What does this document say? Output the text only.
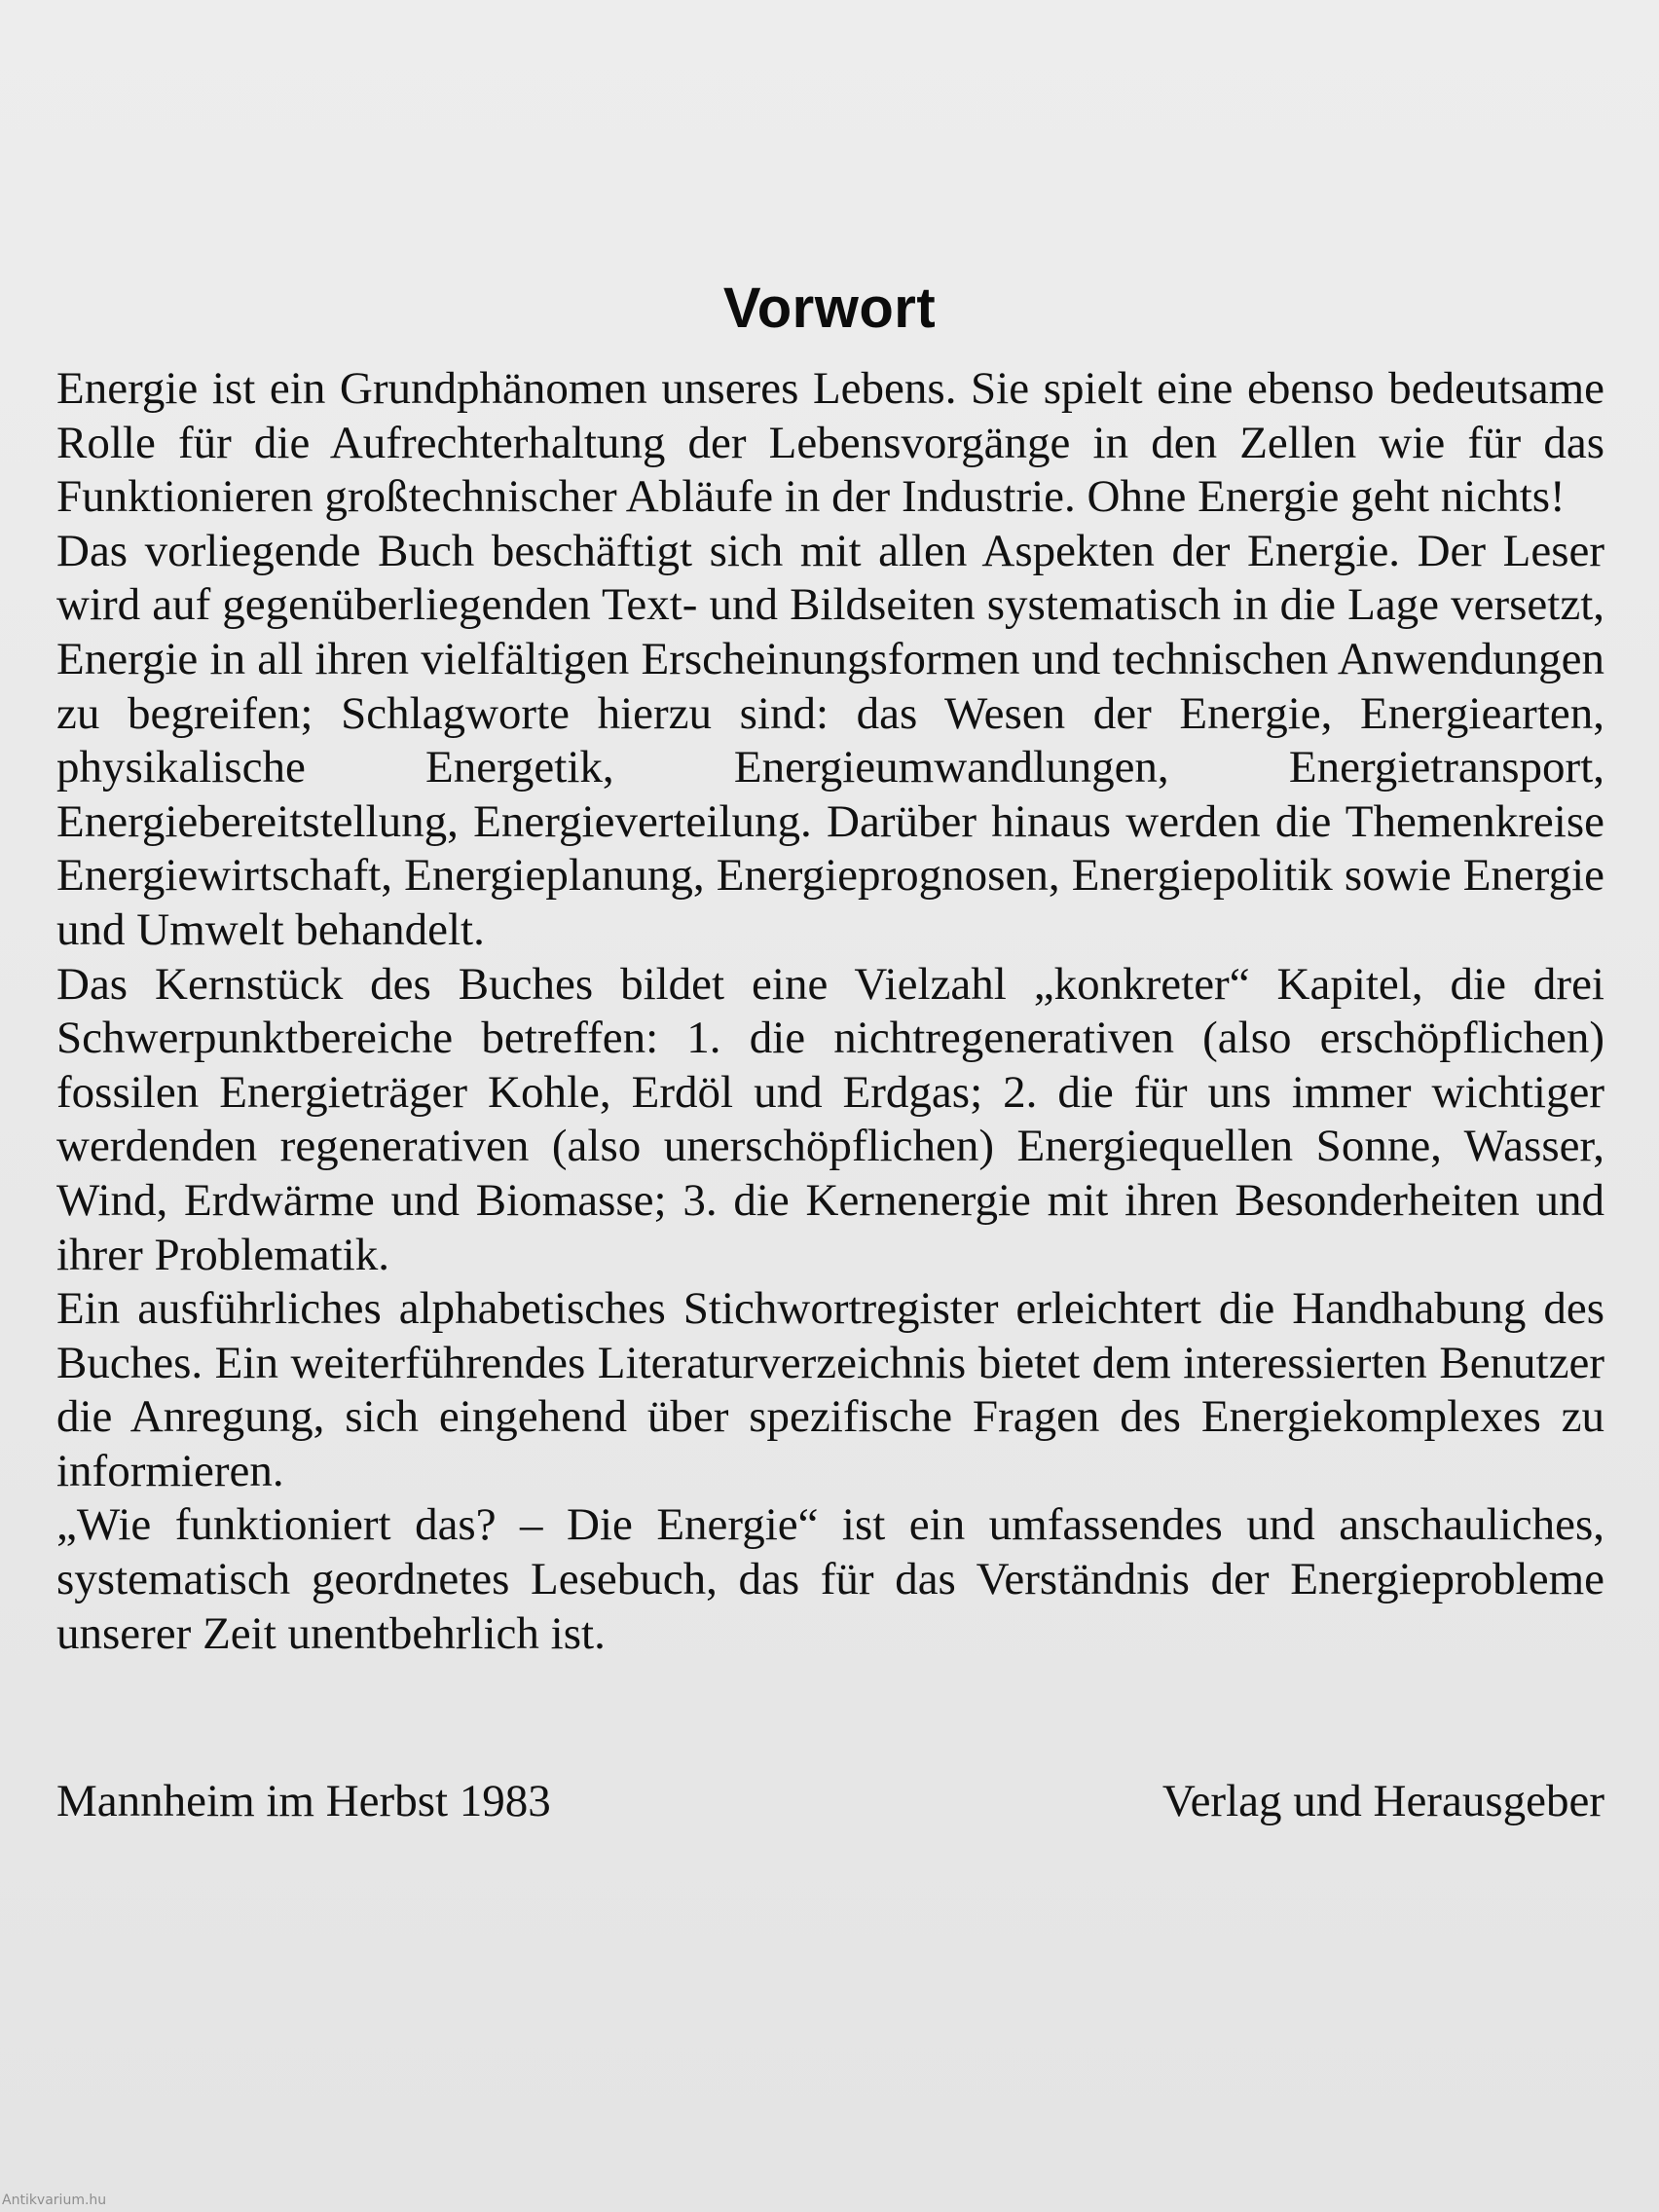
Vorwort

Energie ist ein Grundphänomen unseres Lebens. Sie spielt eine ebenso bedeutsame Rolle für die Aufrechterhaltung der Lebensvorgänge in den Zellen wie für das Funktionieren großtechnischer Abläufe in der Industrie. Ohne Energie geht nichts!

Das vorliegende Buch beschäftigt sich mit allen Aspekten der Energie. Der Leser wird auf gegenüberliegenden Text- und Bildseiten systematisch in die Lage versetzt, Energie in all ihren vielfältigen Erscheinungsformen und technischen Anwendungen zu begreifen; Schlagworte hierzu sind: das Wesen der Energie, Energiearten, physikalische Energetik, Energieumwandlungen, Energietransport, Energiebereitstellung, Energieverteilung. Darüber hinaus werden die Themenkreise Energiewirtschaft, Energieplanung, Energieprognosen, Energiepolitik sowie Energie und Umwelt behandelt.

Das Kernstück des Buches bildet eine Vielzahl „konkreter“ Kapitel, die drei Schwerpunktbereiche betreffen: 1. die nichtregenerativen (also erschöpflichen) fossilen Energieträger Kohle, Erdöl und Erdgas; 2. die für uns immer wichtiger werdenden regenerativen (also unerschöpflichen) Energiequellen Sonne, Wasser, Wind, Erdwärme und Biomasse; 3. die Kernenergie mit ihren Besonderheiten und ihrer Problematik.

Ein ausführliches alphabetisches Stichwortregister erleichtert die Handhabung des Buches. Ein weiterführendes Literaturverzeichnis bietet dem interessierten Benutzer die Anregung, sich eingehend über spezifische Fragen des Energiekomplexes zu informieren.

„Wie funktioniert das? – Die Energie“ ist ein umfassendes und anschauliches, systematisch geordnetes Lesebuch, das für das Verständnis der Energieprobleme unserer Zeit unentbehrlich ist.

Mannheim im Herbst 1983	Verlag und Herausgeber
Antikvarium.hu
